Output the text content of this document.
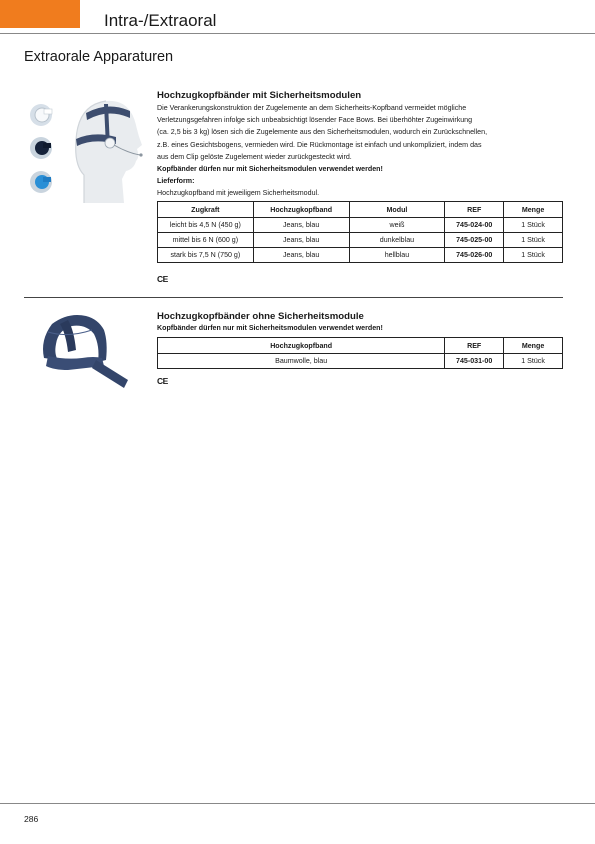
Intra-/Extraoral
Extraorale Apparaturen
Hochzugkopfbänder mit Sicherheitsmodulen

Die Verankerungskonstruktion der Zugelemente an dem Sicherheits-Kopfband vermeidet mögliche

Verletzungsgefahren infolge sich unbeabsichtigt lösender Face Bows. Bei überhöhter Zugeinwirkung

(ca. 2,5 bis 3 kg) lösen sich die Zugelemente aus den Sicherheitsmodulen, wodurch ein Zurückschnellen,

z.B. eines Gesichtsbogens, vermieden wird. Die Rückmontage ist einfach und unkompliziert, indem das

aus dem Clip gelöste Zugelement wieder zurückgesteckt wird.

Kopfbänder dürfen nur mit Sicherheitsmodulen verwendet werden!

Lieferform:

Hochzugkopfband mit jeweiligem Sicherheitsmodul.

Zugkraft	Hochzugkopfband	Modul	REF	Menge
leicht bis 4,5 N (450 g)	Jeans, blau	weiß	745-024-00	1 Stück
mittel bis 6 N (600 g)	Jeans, blau	dunkelblau	745-025-00	1 Stück
stark bis 7,5 N (750 g)	Jeans, blau	hellblau	745-026-00	1 Stück
CE
Hochzugkopfbänder ohne Sicherheitsmodule

Kopfbänder dürfen nur mit Sicherheitsmodulen verwendet werden!

Hochzugkopfband	REF	Menge
Baumwolle, blau	745-031-00	1 Stück
CE
286
